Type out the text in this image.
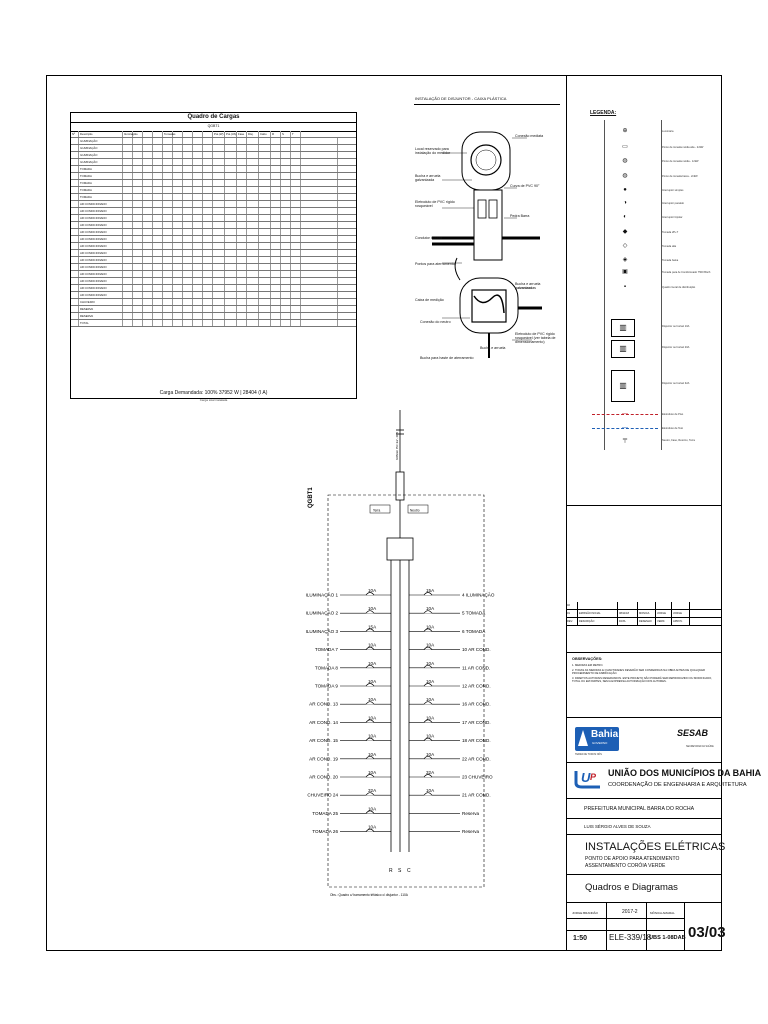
Quadro de Cargas
QGBT1
Nº	Descrição	Iluminação	Tomadas	Pot.(W) Pot.(VA) Fase	Disj.	Cabo	R	S	T
ILUMINAÇÃO
ILUMINAÇÃO
ILUMINAÇÃO
ILUMINAÇÃO
TOMADA
TOMADA
TOMADA
TOMADA
TOMADA
AR CONDICIONADO
AR CONDICIONADO
AR CONDICIONADO
AR CONDICIONADO
AR CONDICIONADO
AR CONDICIONADO
AR CONDICIONADO
AR CONDICIONADO
AR CONDICIONADO
AR CONDICIONADO
AR CONDICIONADO
AR CONDICIONADO
AR CONDICIONADO
AR CONDICIONADO
CHUVEIRO
RESERVA
RESERVA
TOTAL
Carga Demandada: 100% 37952 W | 28404 (I A)
Carga total instalada
INSTALAÇÃO DE DISJUNTOR - CAIXA PLÁSTICA
Conexão mediata
Local reservado para instalação do medidor
Bucha e arruela galvanizada
Eletroduto de PVC rígido rosqueável
Curva de PVC 90°
Pedra Barra
Condutor isolado
Pontos para aterramento
Caixa de medição
Conexão do neutro
Bucha e arruela galvanizadas
Eletroduto de PVC rígido rosqueável (ver tabela de dimensionamento)
Bucha e arruela
Bucha para haste de aterramento
10A
ILUMINAÇÃO 1
15A
4 ILUMINAÇÃO
10A
ILUMINAÇÃO 2
10A
5 TOMADA
15A
ILUMINAÇÃO 3
10A
6 TOMADA
10A
TOMADA 7
10A
10 AR COND.
10A
TOMADA 8
10A
11 AR COND.
10A
TOMADA 9
10A
12 AR COND.
10A
AR COND. 13
10A
16 AR COND.
10A
AR COND. 14
10A
17 AR COND.
10A
AR COND. 15
10A
18 AR COND.
10A
AR COND. 19
10A
22 AR COND.
10A
AR COND. 20
32A
23 CHUVEIRO
32A
CHUVEIRO 24
10A
21 AR COND.
10A
TOMADA 25	Reserva
10A
TOMADA 26	Reserva
QGBT1
Terra	Neutro
3#35mm² PVC 1kV - 3#25
R S C
Obs.: Quadro c/ barramento trifásico c/ disjuntor - 110A
LEGENDA:
⊕	Luminária
▭	Ponto de tomada média alta - 2x9W
◍	Ponto de tomada média - 1x9W
◍	Ponto de tomada baixa - 2x9W
●	Interruptor simples
◑	Interruptor paralelo
◐	Interruptor bipolar
◆	Tomada 2P+T
◇	Tomada alta
◈	Tomada baixa
▣	Tomada para Ar-Condicionado 7500 Btu/h
▪	Quadro Geral de distribuição
▥	Disjuntor ou fusível 10A
▥	Disjuntor ou fusível 20A
▥	Disjuntor ou fusível 32A
—	Eletroduto de Piso
—	Eletroduto de Teto
╤	Neutro, Fase, Retorno, Terra
02
01	EMISSÃO INICIAL	08/11/18	MONICA	JORGE	JORGE
REV.	DESCRIÇÃO	DATA	DESENHO	VERIF.	APROV.
OBSERVAÇÕES:
1. MEDIDAS EM METRO.
2. TODAS AS MEDIDAS E QUANTIDADES DEVERÃO SER CONFERIDAS NA OBRA ANTES DE QUALQUER PROCEDIMENTO DE FABRICAÇÃO.
3. DIREITOS AUTORAIS RESERVADOS. ESTE PROJETO NÃO PODERÁ SER REPRODUZIDO OU MODIFICADO, TOTAL OU EM PARTES, SEM A EXPRESSA AUTORIZAÇÃO DOS AUTORES.
Bahia
GOVERNO
TERRA DE TODOS NÓS
SESAB
SECRETARIA DA SAÚDE
U P UNIÃO DOS MUNICÍPIOS DA BAHIA
COORDENAÇÃO DE ENGENHARIA E ARQUITETURA
PREFEITURA MUNICIPAL BARRA DO ROCHA
LUIS SÉRGIO ALVES DE SOUZA
INSTALAÇÕES ELÉTRICAS
PONTO DE APOIO PARA ATENDIMENTO
ASSENTAMENTO CORÓIA VERDE
Quadros e Diagramas
JORGE BRANDÃO	2017-2	MÔNICA AMARAL
1:50	ELE-339/18
UBS 1-08DAB 03/03
